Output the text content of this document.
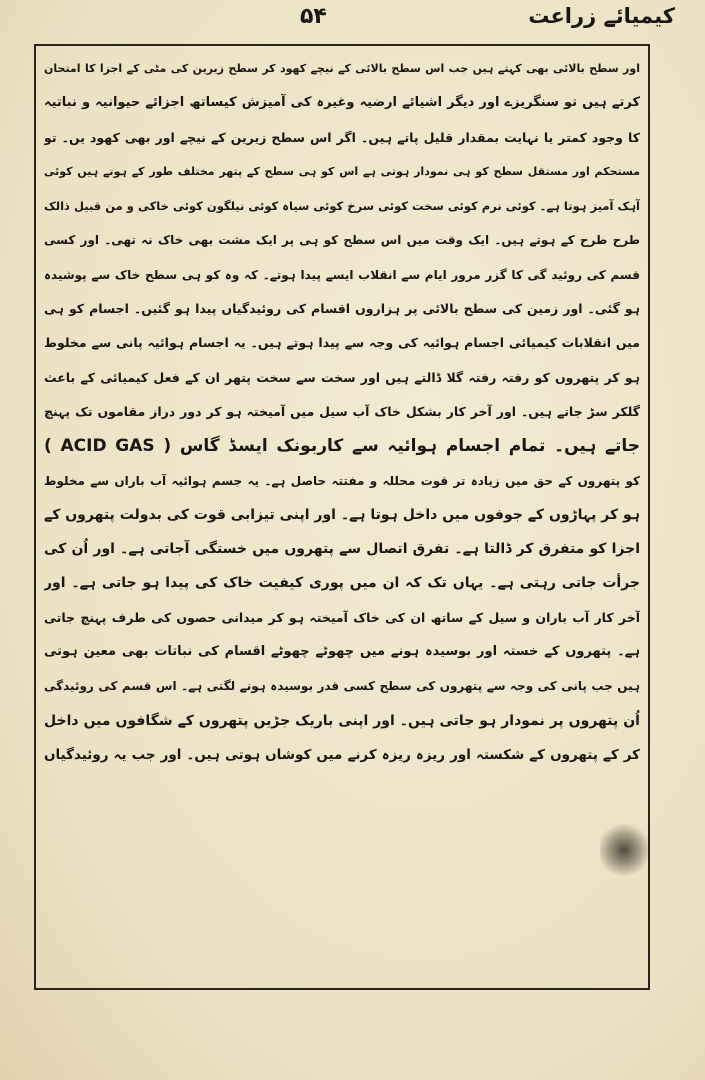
۵۴	کیمیائے زراعت
اور سطح بالائی بھی کہتے ہیں جب اس سطح بالائی کے نیچے کھود کر سطح زیرین کی مٹی کے اجزا کا امتحان
کرتے ہیں تو سنگریزے اور دیگر اشیائے ارضیہ وغیرہ کی آمیزش کیساتھ اجزائے حیوانیہ و نباتیہ
کا وجود کمتر یا نہایت بمقدار قلیل پاتے ہیں۔ اگر اس سطح زیرین کے نیچے اور بھی کھود یں۔ تو
مستحکم اور مستقل سطح کو ہی نمودار ہوتی ہے اس کو ہی سطح کے پتھر مختلف طور کے ہوتے ہیں کوئی
آہک آمیز ہوتا ہے۔ کوئی نرم کوئی سخت کوئی سرخ کوئی سیاہ کوئی نیلگون کوئی خاکی و من قبیل ذالک
طرح طرح کے ہوتے ہیں۔ ایک وقت میں اس سطح کو ہی پر ایک مشت بھی خاک نہ تھی۔ اور کسی
قسم کی روئید گی کا گزر مرور ایام سے انقلاب ایسے پیدا ہوتے۔ کہ وہ کو ہی سطح خاک سے پوشیدہ
ہو گئی۔ اور زمین کی سطح بالائی پر ہزاروں اقسام کی روئیدگیاں پیدا ہو گئیں۔ اجسام کو ہی
میں انقلابات کیمیائی اجسام ہوائیہ کی وجہ سے پیدا ہوتے ہیں۔ یہ اجسام ہوائیہ پانی سے مخلوط
ہو کر پتھروں کو رفتہ رفتہ گلا ڈالتے ہیں اور سخت سے سخت پتھر ان کے فعل کیمیائی کے باعث
گلکر سڑ جاتے ہیں۔ اور آخر کار بشکل خاک آب سیل میں آمیختہ ہو کر دور دراز مقاموں تک پہنچ
جاتے ہیں۔ تمام اجسام ہوائیہ سے کاربونک ایسڈ گاس ( ACID GAS )
کو پتھروں کے حق میں زیادہ تر قوت محللہ و مفتتہ حاصل ہے۔ یہ جسم ہوائیہ آب باراں سے مخلوط
ہو کر پہاڑوں کے جوفوں میں داخل ہوتا ہے۔ اور اپنی تیزابی قوت کی بدولت پتھروں کے
اجزا کو متفرق کر ڈالتا ہے۔ تفرق اتصال سے پتھروں میں خستگی آجاتی ہے۔ اور اُن کی
جرأت جاتی رہتی ہے۔ یہاں تک کہ ان میں پوری کیفیت خاک کی پیدا ہو جاتی ہے۔ اور
آخر کار آب باران و سیل کے ساتھ ان کی خاک آمیختہ ہو کر میدانی حصوں کی طرف پہنچ جاتی
ہے۔ پتھروں کے خستہ اور بوسیدہ ہونے میں چھوٹے چھوٹے اقسام کی نباتات بھی معین ہوتی
ہیں جب پانی کی وجہ سے پتھروں کی سطح کسی قدر بوسیدہ ہونے لگتی ہے۔ اس قسم کی روئیدگی
اُن پتھروں پر نمودار ہو جاتی ہیں۔ اور اپنی باریک جڑیں پتھروں کے شگافوں میں داخل
کر کے پتھروں کے شکستہ اور ریزہ ریزہ کرنے میں کوشاں ہوتی ہیں۔ اور جب یہ روئیدگیاں
